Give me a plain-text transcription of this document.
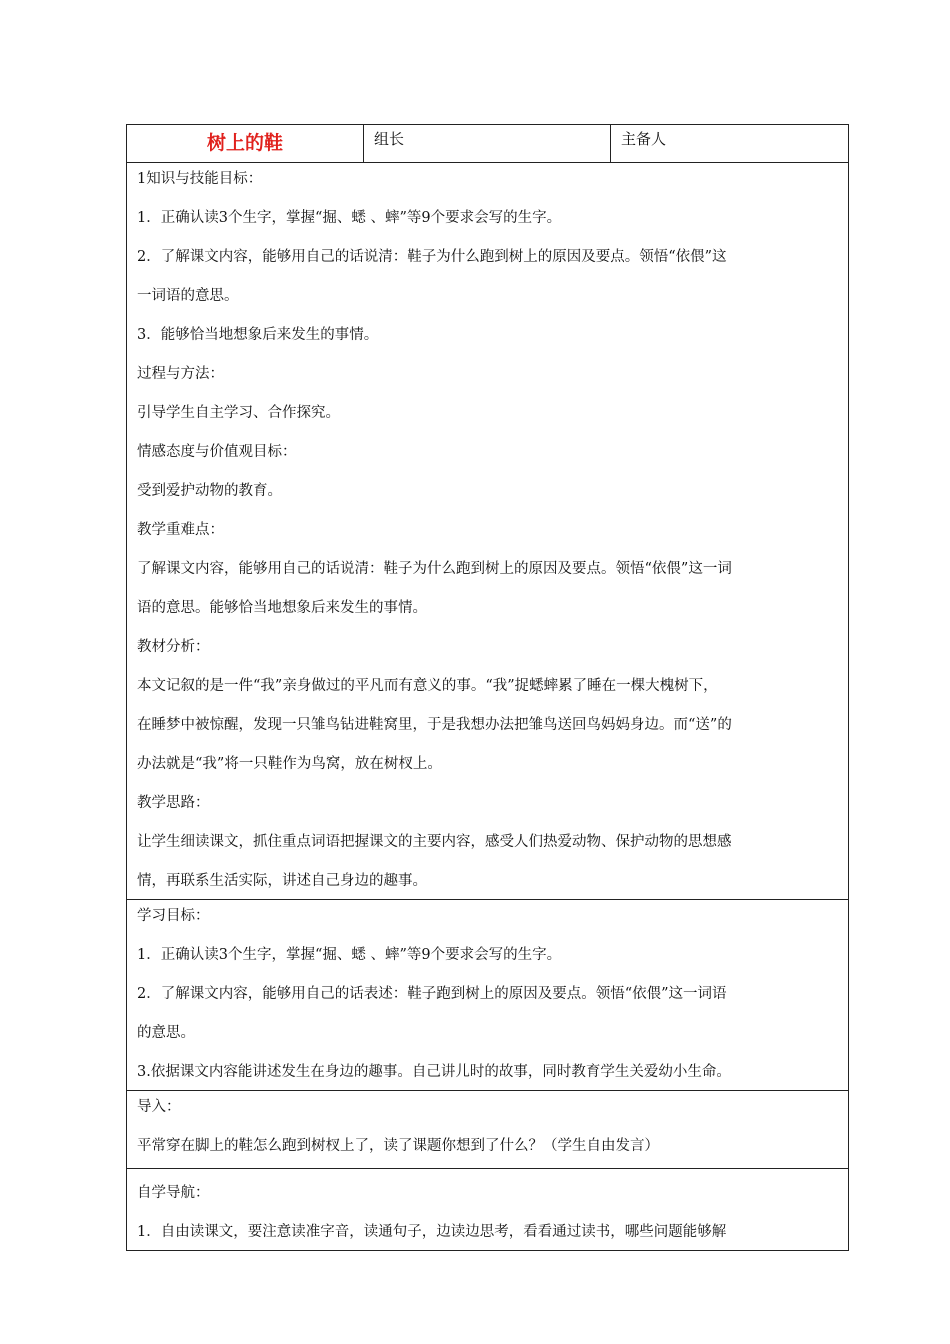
树上的鞋	组长	主备人

1知识与技能目标：
1．正确认读3个生字，掌握“掘、蟋 、蟀”等9个要求会写的生字。
2．了解课文内容，能够用自己的话说清：鞋子为什么跑到树上的原因及要点。领悟“依偎”这
一词语的意思。
3．能够恰当地想象后来发生的事情。
过程与方法：
引导学生自主学习、合作探究。
情感态度与价值观目标：
受到爱护动物的教育。
教学重难点：
了解课文内容，能够用自己的话说清：鞋子为什么跑到树上的原因及要点。领悟“依偎”这一词
语的意思。能够恰当地想象后来发生的事情。
教材分析：
本文记叙的是一件“我”亲身做过的平凡而有意义的事。“我”捉蟋蟀累了睡在一棵大槐树下，
在睡梦中被惊醒，发现一只雏鸟钻进鞋窝里，于是我想办法把雏鸟送回鸟妈妈身边。而“送”的
办法就是“我”将一只鞋作为鸟窝，放在树杈上。
教学思路：
让学生细读课文，抓住重点词语把握课文的主要内容，感受人们热爱动物、保护动物的思想感
情，再联系生活实际，讲述自己身边的趣事。

学习目标：
1．正确认读3个生字，掌握“掘、蟋 、蟀”等9个要求会写的生字。
2．了解课文内容，能够用自己的话表述：鞋子跑到树上的原因及要点。领悟“依偎”这一词语
的意思。
3.依据课文内容能讲述发生在身边的趣事。自己讲儿时的故事，同时教育学生关爱幼小生命。

导入：
平常穿在脚上的鞋怎么跑到树杈上了，读了课题你想到了什么？（学生自由发言）

自学导航：
1．自由读课文，要注意读准字音，读通句子，边读边思考，看看通过读书，哪些问题能够解
